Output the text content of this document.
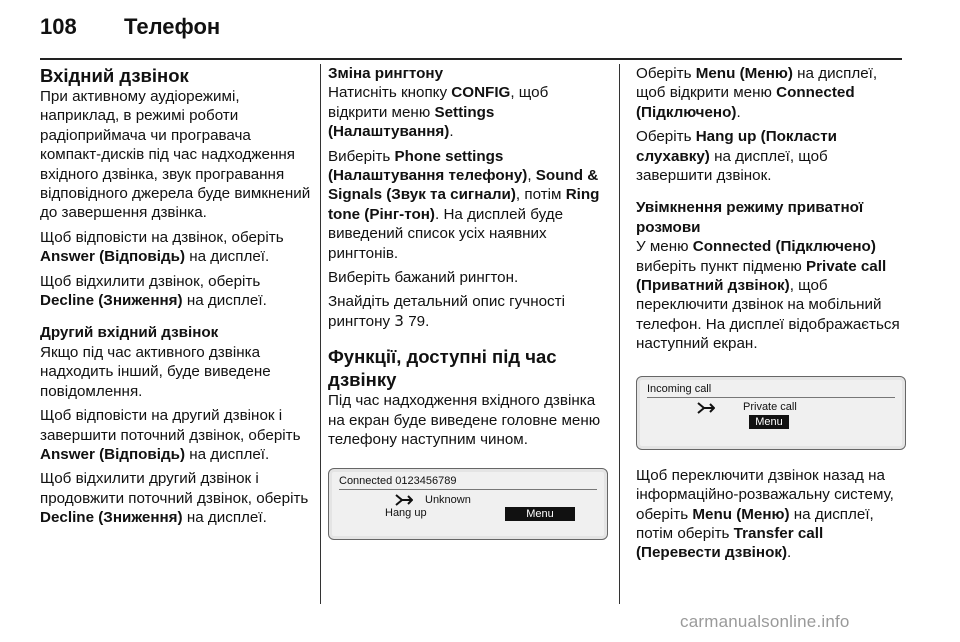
108 Телефон
Вхідний дзвінок

При активному аудіорежимі, наприклад, в режимі роботи радіоприймача чи програвача компакт-дисків під час надходження вхідного дзвінка, звук програвання відповідного джерела буде вимкнений до завершення дзвінка.

Щоб відповісти на дзвінок, оберіть Answer (Відповідь) на дисплеї.

Щоб відхилити дзвінок, оберіть Decline (Зниження) на дисплеї.

Другий вхідний дзвінок

Якщо під час активного дзвінка надходить інший, буде виведене повідомлення.

Щоб відповісти на другий дзвінок і завершити поточний дзвінок, оберіть Answer (Відповідь) на дисплеї.

Щоб відхилити другий дзвінок і продовжити поточний дзвінок, оберіть Decline (Зниження) на дисплеї.

Зміна рингтону

Натисніть кнопку CONFIG, щоб відкрити меню Settings (Налаштування).

Виберіть Phone settings (Налаштування телефону), Sound & Signals (Звук та сигнали), потім Ring tone (Рінг-тон). На дисплей буде виведений список усіх наявних рингтонів.

Виберіть бажаний рингтон.

Знайдіть детальний опис гучності рингтону 3 79.

Функції, доступні під час дзвінку

Під час надходження вхідного дзвінка на екран буде виведене головне меню телефону наступним чином.

Connected 0123456789
Unknown
Hang up	Menu

Оберіть Menu (Меню) на дисплеї, щоб відкрити меню Connected (Підключено).

Оберіть Hang up (Покласти слухавку) на дисплеї, щоб завершити дзвінок.

Увімкнення режиму приватної розмови

У меню Connected (Підключено) виберіть пункт підменю Private call (Приватний дзвінок), щоб переключити дзвінок на мобільний телефон. На дисплеї відображається наступний екран.

Incoming call
Private call
Menu

Щоб переключити дзвінок назад на інформаційно-розважальну систему, оберіть Menu (Меню) на дисплеї, потім оберіть Transfer call (Перевести дзвінок).

carmanualsonline.info
